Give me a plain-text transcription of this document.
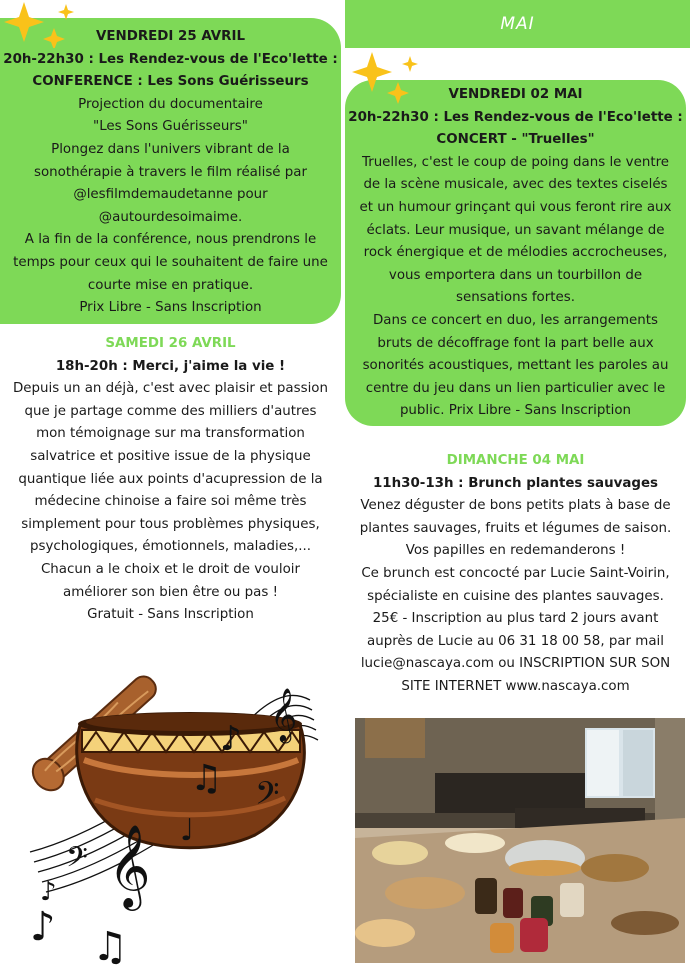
MAI

VENDREDI 25 AVRIL

20h-22h30 : Les Rendez-vous de l'Eco'lette :

CONFERENCE : Les Sons Guérisseurs

Projection du documentaire

"Les Sons Guérisseurs"

Plongez dans l'univers vibrant de la

sonothérapie à travers le film réalisé par

@lesfilmdemaudetanne pour

@autourdesoimaime.

A la fin de la conférence, nous prendrons le

temps pour ceux qui le souhaitent de faire une

courte mise en pratique.

Prix Libre - Sans Inscription

SAMEDI 26 AVRIL

18h-20h : Merci, j'aime la vie !

Depuis un an déjà, c'est avec plaisir et passion

que je partage comme des milliers d'autres

mon témoignage sur ma transformation

salvatrice et positive issue de la physique

quantique liée aux points d'acupression de la

médecine chinoise a faire soi même très

simplement pour tous problèmes physiques,

psychologiques, émotionnels, maladies,...

Chacun a le choix et le droit de vouloir

améliorer son bien être ou pas !

Gratuit - Sans Inscription

VENDREDI 02 MAI

20h-22h30 : Les Rendez-vous de l'Eco'lette :

CONCERT - "Truelles"

Truelles, c'est le coup de poing dans le ventre

de la scène musicale, avec des textes ciselés

et un humour grinçant qui vous feront rire aux

éclats. Leur musique, un savant mélange de

rock énergique et de mélodies accrocheuses,

vous emportera dans un tourbillon de

sensations fortes.

Dans ce concert en duo, les arrangements

bruts de décoffrage font la part belle aux

sonorités acoustiques, mettant les paroles au

centre du jeu dans un lien particulier avec le

public. Prix Libre - Sans Inscription

DIMANCHE 04 MAI

11h30-13h : Brunch plantes sauvages

Venez déguster de bons petits plats à base de

plantes sauvages, fruits et légumes de saison.

Vos papilles en redemanderons !

Ce brunch est concocté par Lucie Saint-Voirin,

spécialiste en cuisine des plantes sauvages.

25€ - Inscription au plus tard 2 jours avant

auprès de Lucie au 06 31 18 00 58, par mail

lucie@nascaya.com ou INSCRIPTION SUR SON

SITE INTERNET www.nascaya.com

𝄞
𝄞
𝄢
𝄢
♪ ♫
♫
♪
♩
♪
